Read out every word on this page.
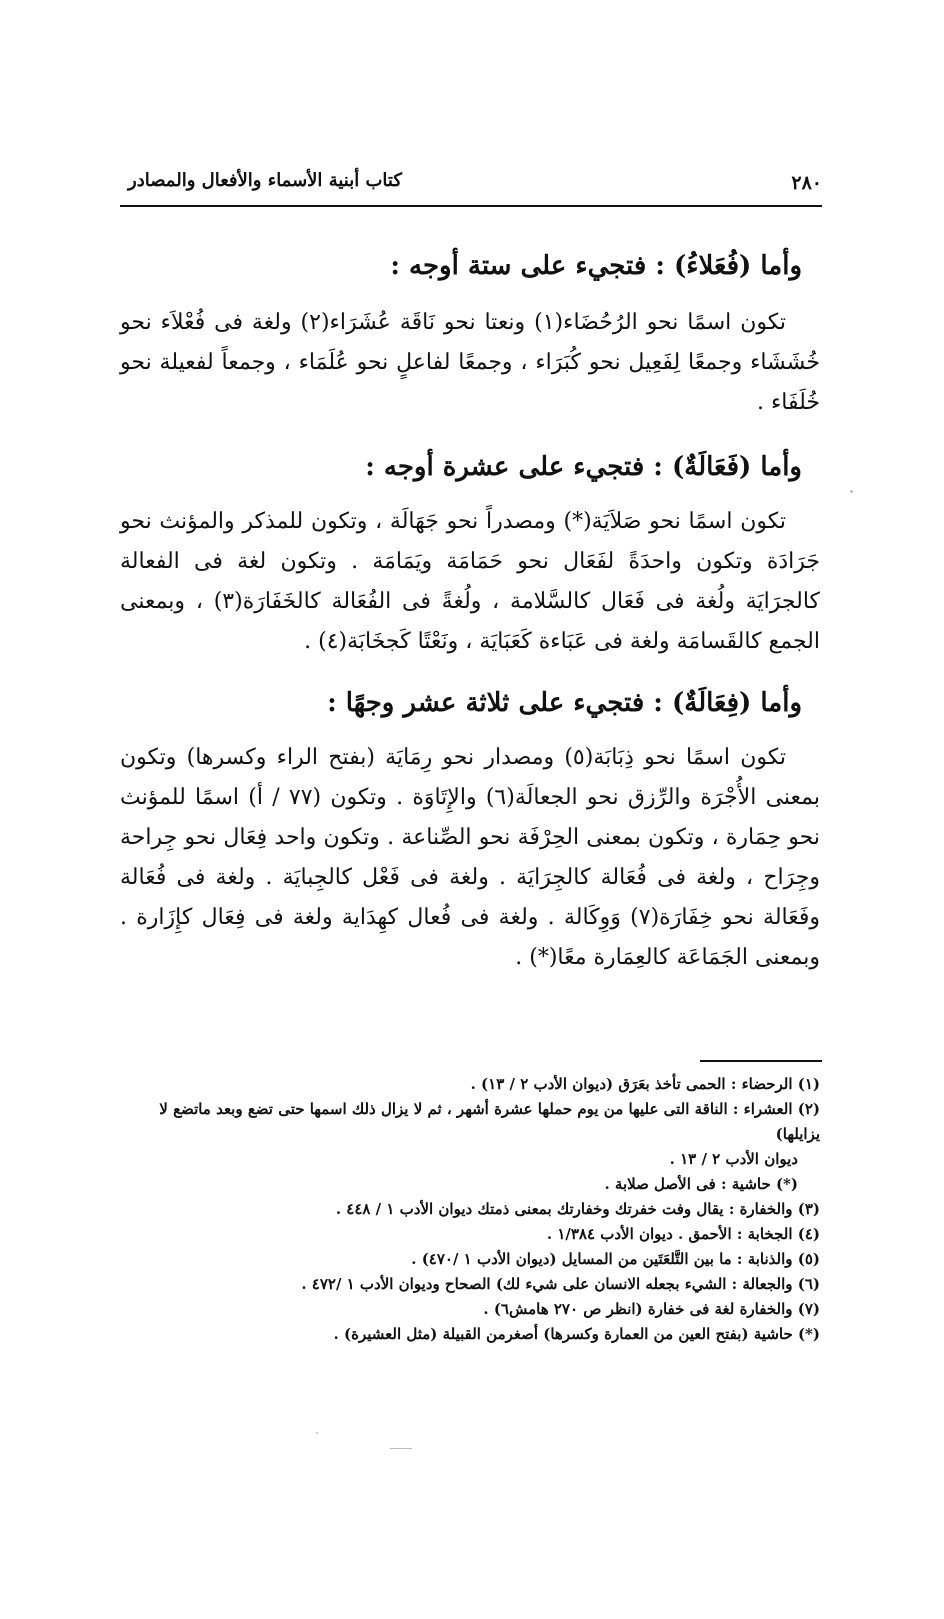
٢٨٠
كتاب أبنية الأسماء والأفعال والمصادر
وأما (فُعَلاءُ) : فتجيء على ستة أوجه :

تكون اسمًا نحو الرُحُضَاء(١) ونعتا نحو نَاقَة عُشَرَاء(٢) ولغة فى فُعْلاَء نحو خُشَشَاء وجمعًا لِفَعِيل نحو كُبَرَاء ، وجمعًا لفاعلٍ نحو عُلَمَاء ، وجمعاً لفعيلة نحو خُلَفَاء .

وأما (فَعَالَةٌ) : فتجيء على عشرة أوجه :

تكون اسمًا نحو صَلاَيَة(*) ومصدراً نحو جَهَالَة ، وتكون للمذكر والمؤنث نحو جَرَادَة وتكون واحدَةً لفَعَال نحو حَمَامَة ويَمَامَة . وتكون لغة فى الفعالة كالجرَايَة ولُغة فى فَعَال كالسَّلامة ، ولُغةً فى الفُعَالة كالخَفَارَة(٣) ، وبمعنى الجمع كالقَسامَة ولغة فى عَبَاءة كَعَبَايَة ، ونَعْتًا كَجخَابَة(٤) .

وأما (فِعَالَةٌ) : فتجيء على ثلاثة عشر وجهًا :

تكون اسمًا نحو ذِبَابَة(٥) ومصدار نحو رِمَايَة (بفتح الراء وكسرها) وتكون بمعنى الأُجْرَة والرِّزق نحو الجعالَة(٦) والإِتَاوَة . وتكون (٧٧ / أ) اسمًا للمؤنث نحو حِمَارة ، وتكون بمعنى الحِرْفَة نحو الصِّناعة . وتكون واحد فِعَال نحو جِراحة وجِرَاح ، ولغة فى فُعَالة كالجِرَايَة . ولغة فى فَعْل كالجِبايَة . ولغة فى فُعَالة وفَعَالة نحو خِفَارَة(٧) وَوِكَالة . ولغة فى فُعال كهِدَاية ولغة فى فِعَال كإِزَارة . وبمعنى الجَمَاعَة كالعِمَارة معًا(*) .

(١) الرحضاء : الحمى تأخذ بعَرَق (ديوان الأدب ٢ / ١٣) .
(٢) العشراء : الناقة التى عليها من يوم حملها عشرة أشهر ، ثم لا يزال ذلك اسمها حتى تضع وبعد ماتضع لا يزايلها)
ديوان الأدب ٢ / ١٣ .
(*) حاشية : فى الأصل صلابة .
(٣) والخفارة : يقال وفت خفرتك وخفارتك بمعنى ذمتك ديوان الأدب ١ / ٤٤٨ .
(٤) الجخابة : الأحمق . ديوان الأدب ١/٣٨٤ .
(٥) والذنابة : ما بين التَّلعَتَين من المسايل (ديوان الأدب ١ /٤٧٠) .
(٦) والجعالة : الشيء بجعله الانسان على شيء لك) الصحاح وديوان الأدب ١ /٤٧٢ .
(٧) والخفارة لغة فى خفارة (انظر ص ٢٧٠ هامش٦) .
(*) حاشية (بفتح العين من العمارة وكسرها) أصغرمن القبيلة (مثل العشيرة) .
